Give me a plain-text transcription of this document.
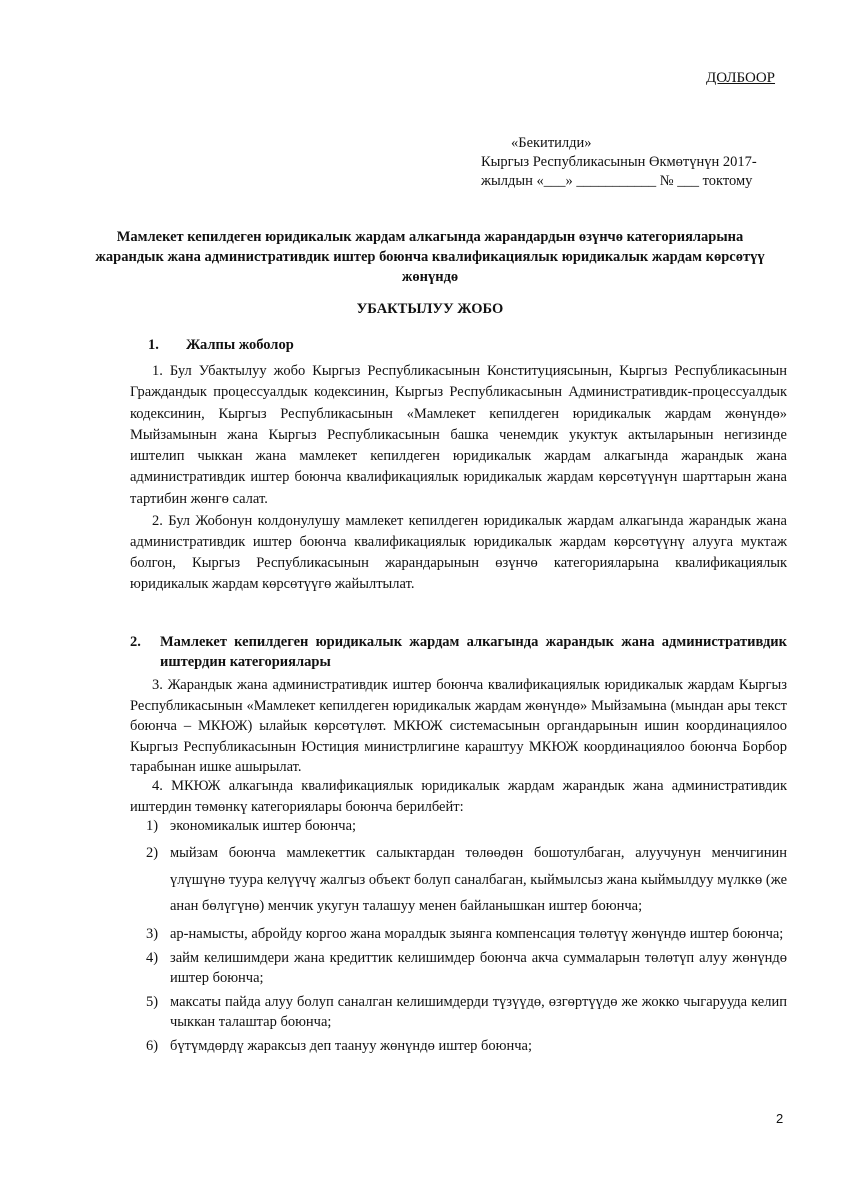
ДОЛБООР
«Бекитилди»
Кыргыз Республикасынын Өкмөтүнүн 2017-
жылдын «___» ___________ № ___ токтому
Мамлекет кепилдеген юридикалык жардам алкагында жарандардын өзүнчө категорияларына жарандык жана административдик иштер боюнча квалификациялык юридикалык жардам көрсөтүү жөнүндө
УБАКТЫЛУУ ЖОБО
1. Жалпы жоболор
1. Бул Убактылуу жобо Кыргыз Республикасынын Конституциясынын, Кыргыз Республикасынын Граждандык процессуалдык кодексинин, Кыргыз Республикасынын Административдик-процессуалдык кодексинин, Кыргыз Республикасынын «Мамлекет кепилдеген юридикалык жардам жөнүндө» Мыйзамынын жана Кыргыз Республикасынын башка ченемдик укуктук актыларынын негизинде иштелип чыккан жана мамлекет кепилдеген юридикалык жардам алкагында жарандык жана административдик иштер боюнча квалификациялык юридикалык жардам көрсөтүүнүн шарттарын жана тартибин жөнгө салат.
2. Бул Жобонун колдонулушу мамлекет кепилдеген юридикалык жардам алкагында жарандык жана административдик иштер боюнча квалификациялык юридикалык жардам көрсөтүүнү алууга муктаж болгон, Кыргыз Республикасынын жарандарынын өзүнчө категорияларына квалификациялык юридикалык жардам көрсөтүүгө жайылтылат.
2.	Мамлекет кепилдеген юридикалык жардам алкагында жарандык жана административдик иштердин категориялары
3. Жарандык жана административдик иштер боюнча квалификациялык юридикалык жардам Кыргыз Республикасынын «Мамлекет кепилдеген юридикалык жардам жөнүндө» Мыйзамына (мындан ары текст боюнча – МКЮЖ) ылайык көрсөтүлөт. МКЮЖ системасынын органдарынын ишин координациялоо Кыргыз Республикасынын Юстиция министрлигине караштуу МКЮЖ координациялоо боюнча Борбор тарабынан ишке ашырылат.
4. МКЮЖ алкагында квалификациялык юридикалык жардам жарандык жана административдик иштердин төмөнкү категориялары боюнча берилбейт:
1) экономикалык иштер боюнча;
2) мыйзам боюнча мамлекеттик салыктардан төлөөдөн бошотулбаган, алуучунун менчигинин үлүшүнө туура келүүчү жалгыз объект болуп саналбаган, кыймылсыз жана кыймылдуу мүлккө (же анан бөлүгүнө) менчик укугун талашуу менен байланышкан иштер боюнча;
3) ар-намысты, абройду коргоо жана моралдык зыянга компенсация төлөтүү жөнүндө иштер боюнча;
4) займ келишимдери жана кредиттик келишимдер боюнча акча суммаларын төлөтүп алуу жөнүндө иштер боюнча;
5) максаты пайда алуу болуп саналган келишимдерди түзүүдө, өзгөртүүдө же жокко чыгарууда келип чыккан талаштар боюнча;
6) бүтүмдөрдү жараксыз деп таануу жөнүндө иштер боюнча;
2
